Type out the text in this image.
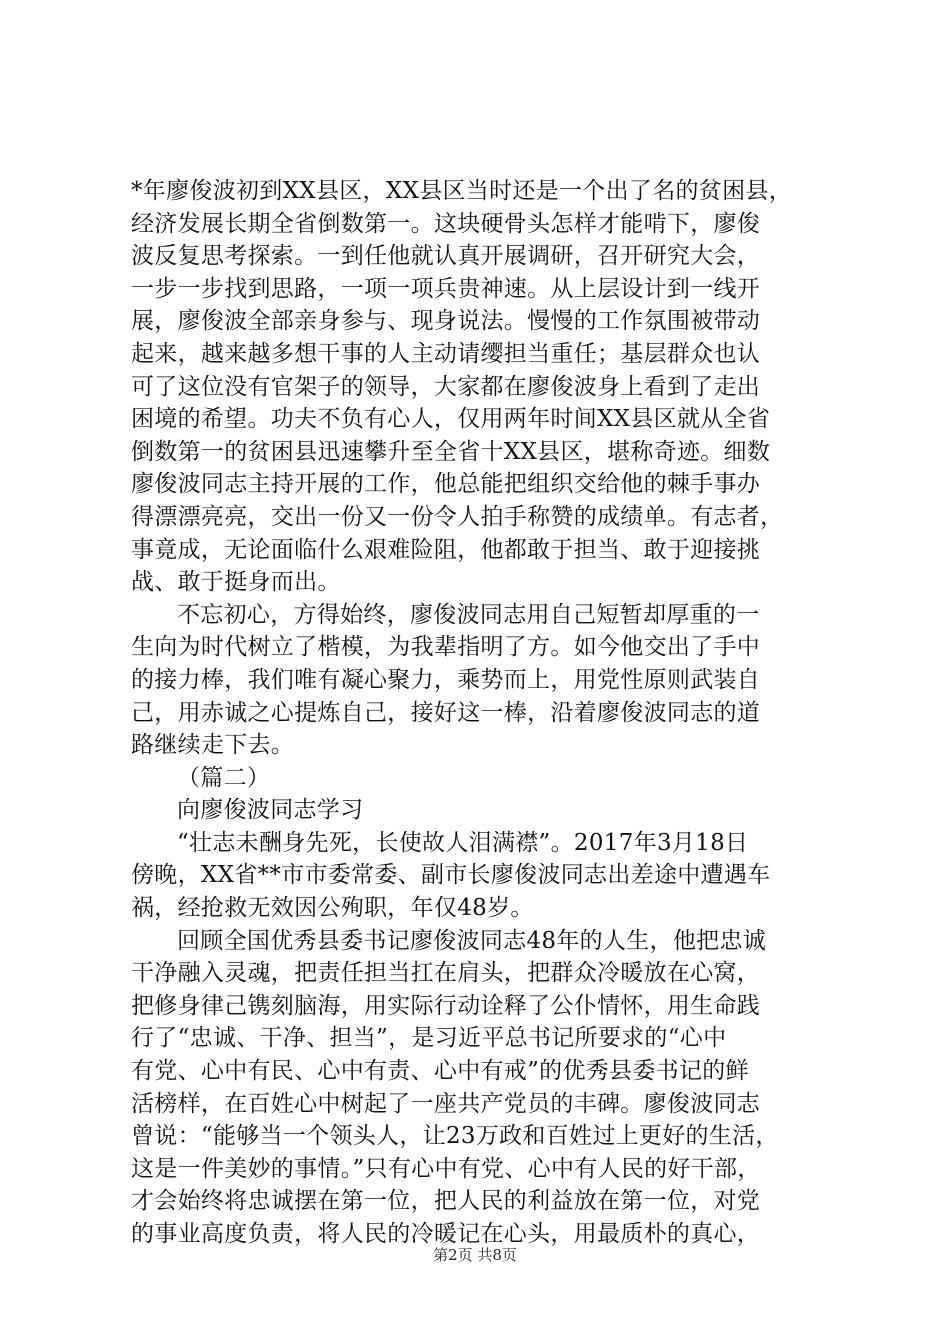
*年廖俊波初到XX县区，XX县区当时还是一个出了名的贫困县，
经济发展长期全省倒数第一。这块硬骨头怎样才能啃下，廖俊
波反复思考探索。一到任他就认真开展调研，召开研究大会，
一步一步找到思路，一项一项兵贵神速。从上层设计到一线开
展，廖俊波全部亲身参与、现身说法。慢慢的工作氛围被带动
起来，越来越多想干事的人主动请缨担当重任；基层群众也认
可了这位没有官架子的领导，大家都在廖俊波身上看到了走出
困境的希望。功夫不负有心人，仅用两年时间XX县区就从全省
倒数第一的贫困县迅速攀升至全省十XX县区，堪称奇迹。细数
廖俊波同志主持开展的工作，他总能把组织交给他的棘手事办
得漂漂亮亮，交出一份又一份令人拍手称赞的成绩单。有志者，
事竟成，无论面临什么艰难险阻，他都敢于担当、敢于迎接挑
战、敢于挺身而出。
不忘初心，方得始终，廖俊波同志用自己短暂却厚重的一
生向为时代树立了楷模，为我辈指明了方。如今他交出了手中
的接力棒，我们唯有凝心聚力，乘势而上，用党性原则武装自
己，用赤诚之心提炼自己，接好这一棒，沿着廖俊波同志的道
路继续走下去。
（篇二）
向廖俊波同志学习
“壮志未酬身先死，长使故人泪满襟”。2017年3月18日
傍晚，XX省**市市委常委、副市长廖俊波同志出差途中遭遇车
祸，经抢救无效因公殉职，年仅48岁。
回顾全国优秀县委书记廖俊波同志48年的人生，他把忠诚
干净融入灵魂，把责任担当扛在肩头，把群众冷暖放在心窝，
把修身律己镌刻脑海，用实际行动诠释了公仆情怀，用生命践
行了“忠诚、干净、担当”，是习近平总书记所要求的“心中
有党、心中有民、心中有责、心中有戒”的优秀县委书记的鲜
活榜样，在百姓心中树起了一座共产党员的丰碑。廖俊波同志
曾说：“能够当一个领头人，让23万政和百姓过上更好的生活，
这是一件美妙的事情。”只有心中有党、心中有人民的好干部，
才会始终将忠诚摆在第一位，把人民的利益放在第一位，对党
的事业高度负责，将人民的冷暖记在心头，用最质朴的真心，
第2页 共8页
